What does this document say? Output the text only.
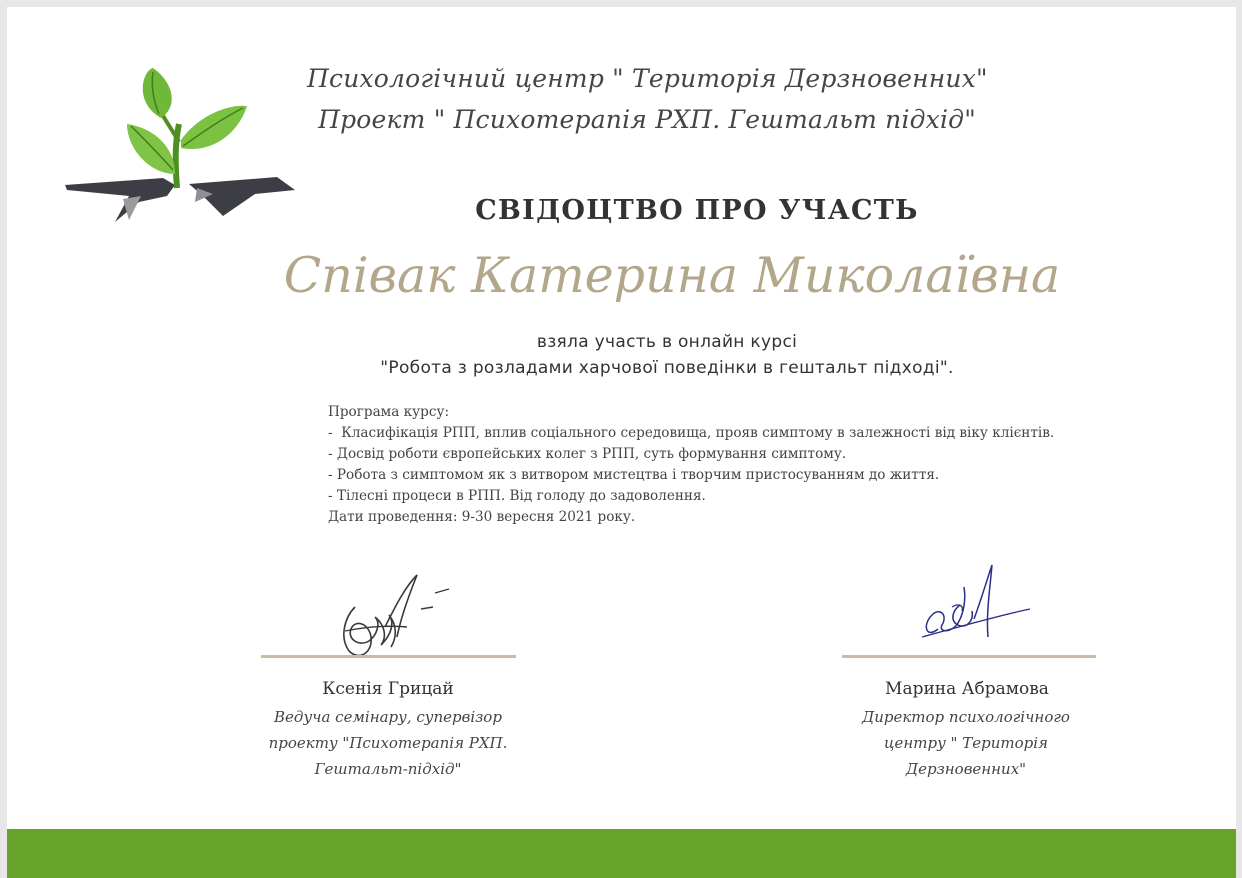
Психологічний центр " Територія Дерзновенних"
Проект " Психотерапія РХП. Гештальт підхід"
СВІДОЦТВО ПРО УЧАСТЬ
Співак Катерина Миколаївна
взяла участь в онлайн курсі
"Робота з розладами харчової поведінки в гештальт підході".
Програма курсу:
-  Класифікація РПП, вплив соціального середовища, прояв симптому в залежності від віку клієнтів.
- Досвід роботи європейських колег з РПП, суть формування симптому.
- Робота з симптомом як з витвором мистецтва і творчим пристосуванням до життя.
- Тілесні процеси в РПП. Від голоду до задоволення.
Дати проведення: 9-30 вересня 2021 року.
Ксенія Грицай
Ведуча семінару, супервізор
проекту "Психотерапія РХП.
Гештальт-підхід"
Марина Абрамова
Директор психологічного
центру " Територія
Дерзновенних"
